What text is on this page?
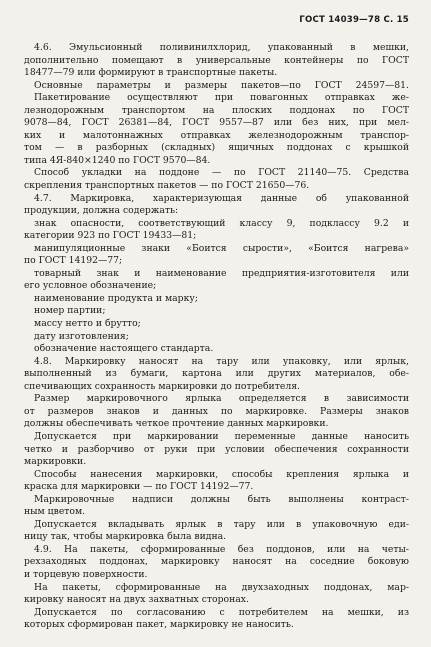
ГОСТ 14039—78 С. 15

4.6. Эмульсионный поливинилхлорид, упакованный в мешки,

дополнительно помещают в универсальные контейнеры по ГОСТ

18477—79 или формируют в транспортные пакеты.

Основные параметры и размеры пакетов—по ГОСТ 24597—81.

Пакетирование осуществляют при повагонных отправках же-

лезнодорожным транспортом на плоских поддонах по ГОСТ

9078—84, ГОСТ 26381—84, ГОСТ 9557—87 или без них, при мел-

ких и малотоннажных отправках железнодорожным транспор-

том — в разборных (складных) ящичных поддонах с крышкой

типа 4Я-840×1240 по ГОСТ 9570—84.

Способ укладки на поддоне — по ГОСТ 21140—75. Средства

скрепления транспортных пакетов — по ГОСТ 21650—76.

4.7. Маркировка, характеризующая данные об упакованной

продукции, должна содержать:

знак опасности, соответствующий классу 9, подклассу 9.2 и

категории 923 по ГОСТ 19433—81;

манипуляционные знаки «Боится сырости», «Боится нагрева»

по ГОСТ 14192—77;

товарный знак и наименование предприятия-изготовителя или

его условное обозначение;

наименование продукта и марку;

номер партии;

массу нетто и брутто;

дату изготовления;

обозначение настоящего стандарта.

4.8. Маркировку наносят на тару или упаковку, или ярлык,

выполненный из бумаги, картона или других материалов, обе-

спечивающих сохранность маркировки до потребителя.

Размер маркировочного ярлыка определяется в зависимости

от размеров знаков и данных по маркировке. Размеры знаков

должны обеспечивать четкое прочтение данных маркировки.

Допускается при маркировании переменные данные наносить

четко и разборчиво от руки при условии обеспечения сохранности

маркировки.

Способы нанесения маркировки, способы крепления ярлыка и

краска для маркировки — по ГОСТ 14192—77.

Маркировочные надписи должны быть выполнены контраст-

ным цветом.

Допускается вкладывать ярлык в тару или в упаковочную еди-

ницу так, чтобы маркировка была видна.

4.9. На пакеты, сформированные без поддонов, или на четы-

рехзаходных поддонах, маркировку наносят на соседние боковую

и торцевую поверхности.

На пакеты, сформированные на двухзаходных поддонах, мар-

кировку наносят на двух захватных сторонах.

Допускается по согласованию с потребителем на мешки, из

которых сформирован пакет, маркировку не наносить.
